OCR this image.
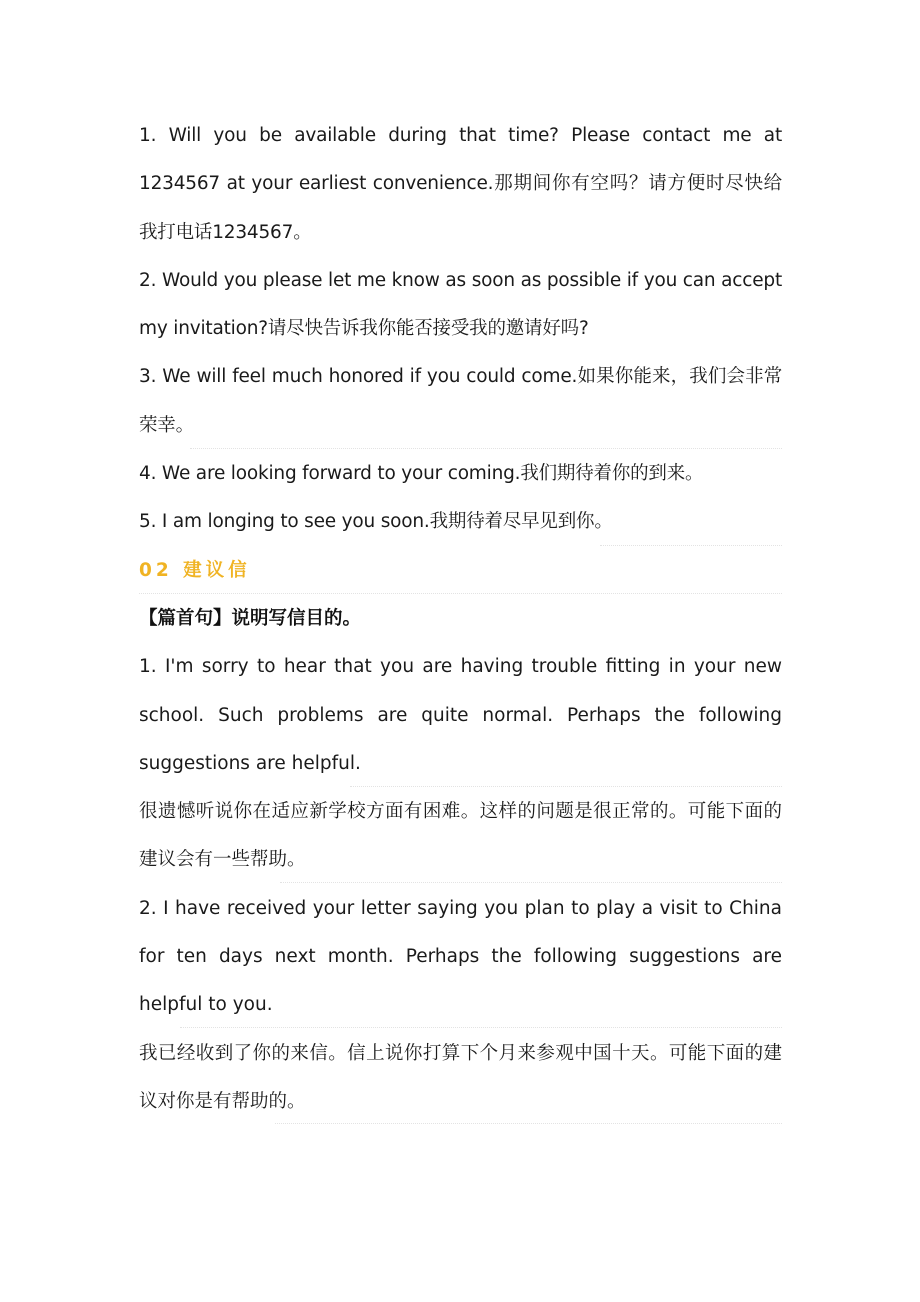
1. Will you be available during that time? Please contact me at 1234567 at your earliest convenience.那期间你有空吗？请方便时尽快给我打电话1234567。

2. Would you please let me know as soon as possible if you can accept my invitation?请尽快告诉我你能否接受我的邀请好吗?

3. We will feel much honored if you could come.如果你能来，我们会非常荣幸。

4. We are looking forward to your coming.我们期待着你的到来。

5. I am longing to see you soon.我期待着尽早见到你。

02 建议信

【篇首句】说明写信目的。

1. I'm sorry to hear that you are having trouble fitting in your new school. Such problems are quite normal. Perhaps the following suggestions are helpful.

很遗憾听说你在适应新学校方面有困难。这样的问题是很正常的。可能下面的建议会有一些帮助。

2. I have received your letter saying you plan to play a visit to China for ten days next month. Perhaps the following suggestions are helpful to you.

我已经收到了你的来信。信上说你打算下个月来参观中国十天。可能下面的建议对你是有帮助的。
